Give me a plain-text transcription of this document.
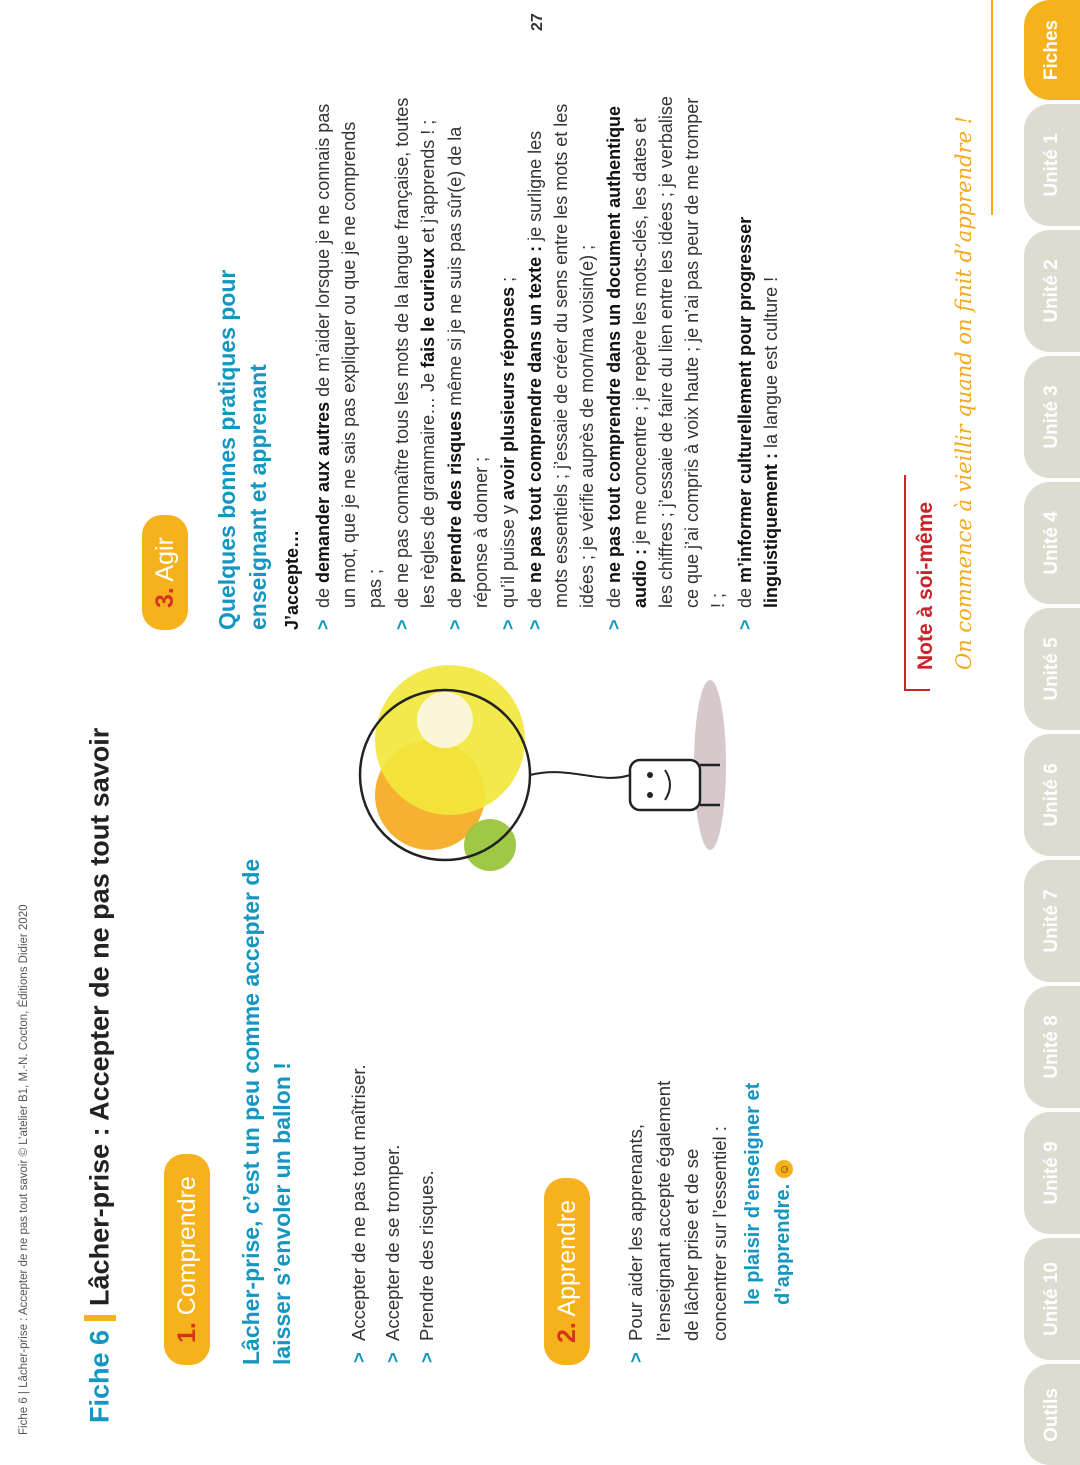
Fiche 6 | Lâcher-prise : Accepter de ne pas tout savoir © L’atelier B1, M.-N. Cocton, Éditions Didier 2020
27
Fiche 6Lâcher-prise : Accepter de ne pas tout savoir
1. Comprendre	Lâcher-prise, c’est un peu comme accepter de laisser s’envoler un ballon !	>
Accepter de ne pas tout maîtriser.
>
Accepter de se tromper.
>
Prendre des risques.	2. Apprendre
>
Pour aider les apprenants, l’enseignant accepte également de lâcher prise et de se concentrer sur l’essentiel : le plaisir d’enseigner et d’apprendre. ☺
3. Agir	Quelques bonnes pratiques pour enseignant et apprenant J’accepte… >
de demander aux autres de m’aider lorsque je ne connais pas un mot, que je ne sais pas expliquer ou que je ne comprends pas ;
>
de ne pas connaître tous les mots de la langue française, toutes les règles de grammaire… Je fais le curieux et j’apprends ! ;
>
de prendre des risques même si je ne suis pas sûr(e) de la réponse à donner ;
>
qu’il puisse y avoir plusieurs réponses ;
>
de ne pas tout comprendre dans un texte : je surligne les mots essentiels ; j’essaie de créer du sens entre les mots et les idées ; je vérifie auprès de mon/ma voisin(e) ;
>
de ne pas tout comprendre dans un document authentique audio : je me concentre ; je repère les mots-clés, les dates et les chiffres ; j’essaie de faire du lien entre les idées ; je verbalise ce que j’ai compris à voix haute ; je n’ai pas peur de me tromper ! ;
>
de m’informer culturellement pour progresser linguistiquement : la langue est culture !
Note à soi-même On commence à vieillir quand on finit d’apprendre !
Fiches
Unité 1
Unité 2
Unité 3
Unité 4
Unité 5
Unité 6
Unité 7
Unité 8
Unité 9
Unité 10
Outils
